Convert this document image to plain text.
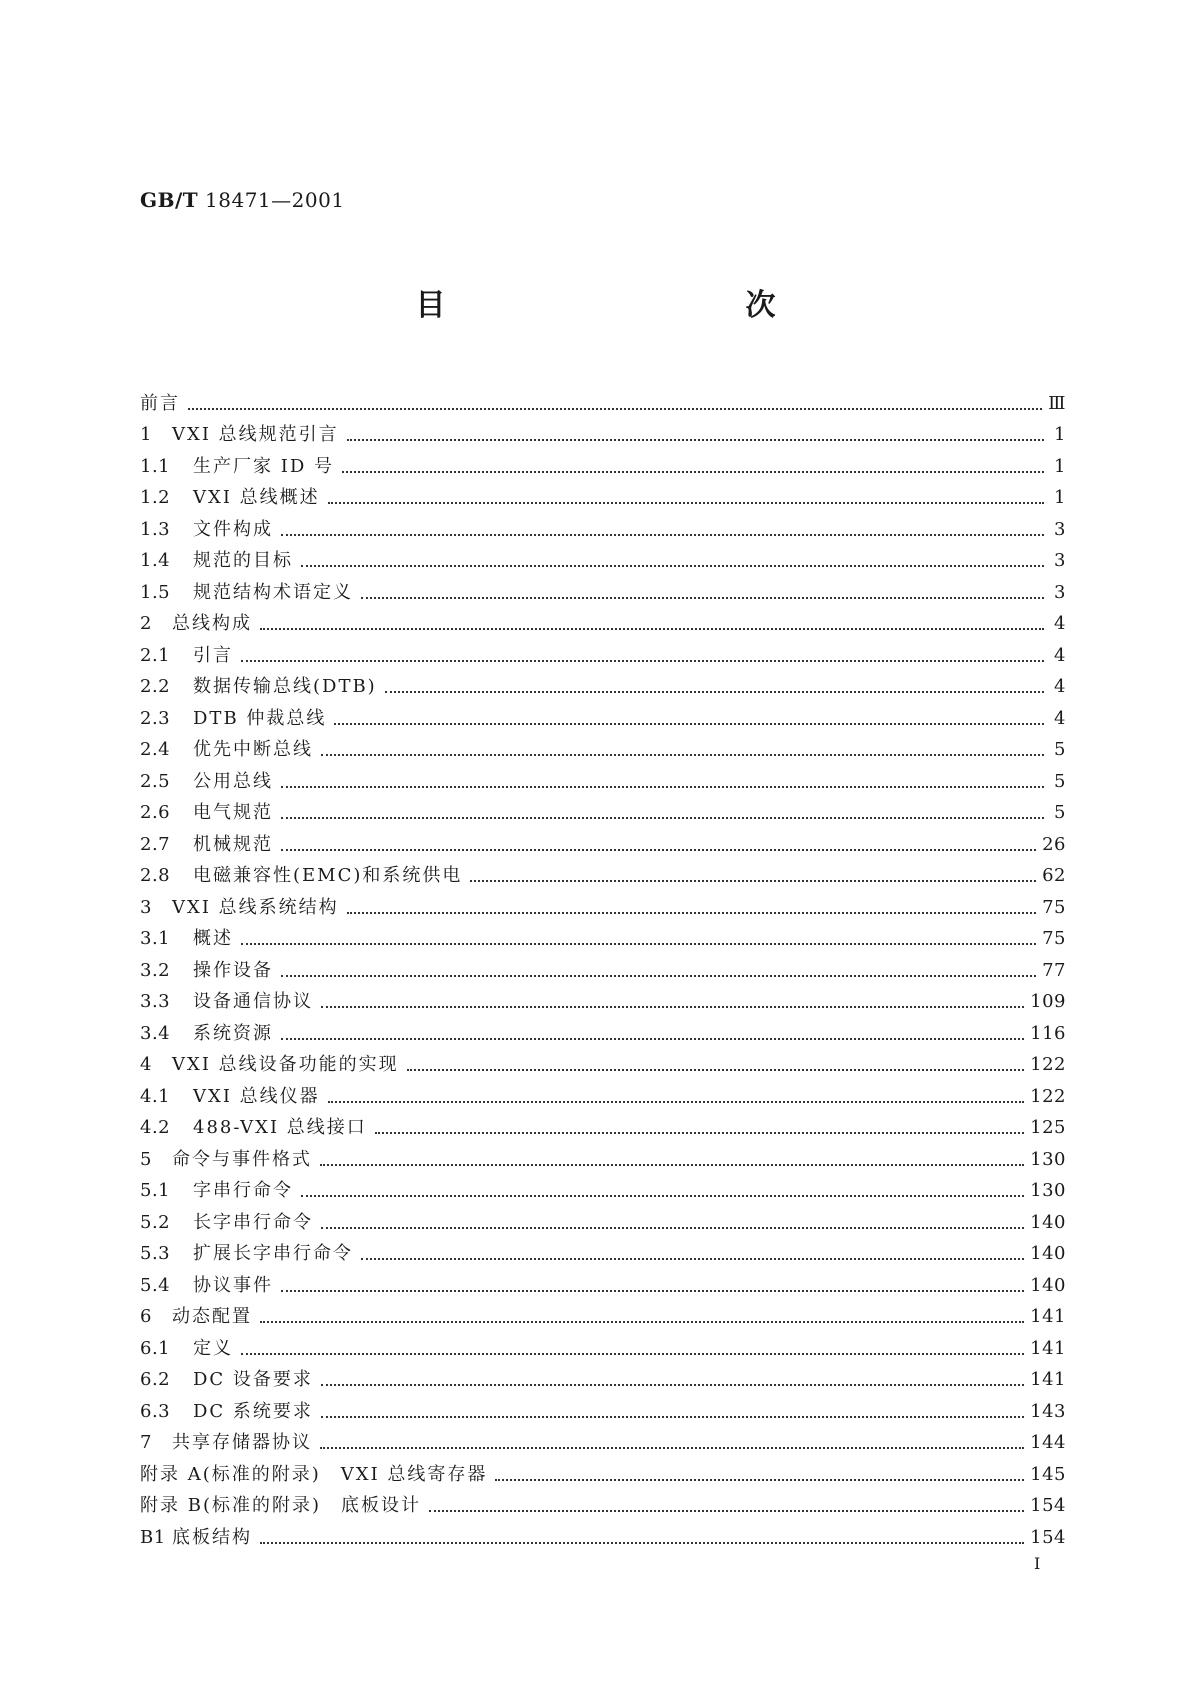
GB/T 18471—2001
目　　次
前言	Ⅲ
1	VXI 总线规范引言	1
1.1	生产厂家 ID 号	1
1.2	VXI 总线概述	1
1.3	文件构成	3
1.4	规范的目标	3
1.5	规范结构术语定义	3
2	总线构成	4
2.1	引言	4
2.2	数据传输总线(DTB)	4
2.3	DTB 仲裁总线	4
2.4	优先中断总线	5
2.5	公用总线	5
2.6	电气规范	5
2.7	机械规范	26
2.8	电磁兼容性(EMC)和系统供电	62
3	VXI 总线系统结构	75
3.1	概述	75
3.2	操作设备	77
3.3	设备通信协议	109
3.4	系统资源	116
4	VXI 总线设备功能的实现	122
4.1	VXI 总线仪器	122
4.2	488-VXI 总线接口	125
5	命令与事件格式	130
5.1	字串行命令	130
5.2	长字串行命令	140
5.3	扩展长字串行命令	140
5.4	协议事件	140
6	动态配置	141
6.1	定义	141
6.2	DC 设备要求	141
6.3	DC 系统要求	143
7	共享存储器协议	144
附录 A(标准的附录)　VXI 总线寄存器	145
附录 B(标准的附录)　底板设计	154
B1 底板结构	154
Ⅰ
